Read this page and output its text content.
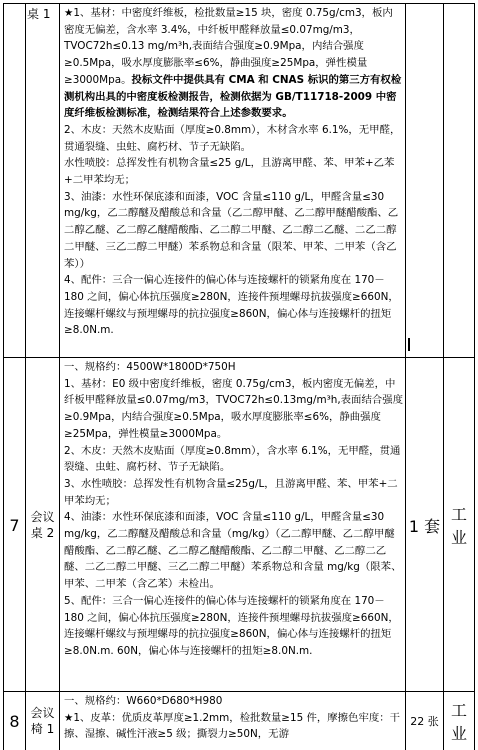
桌 1	★1、基材：中密度纤维板，检批数量≥15 块，密度 0.75g/cm3，板内密度无偏差，含水率 3.4%，中纤板甲醛释放量≤0.07mg/m3，TVOC72h≤0.13 mg/m³h,表面结合强度≥0.9Mpa，内结合强度≥0.5Mpa，吸水厚度膨胀率≤6%，静曲强度≥25Mpa，弹性模量≥3000Mpa。投标文件中提供具有 CMA 和 CNAS 标识的第三方有权检测机构出具的中密度板检测报告，检测依据为 GB/T11718-2009 中密度纤维板检测标准，检测结果符合上述参数要求。

2、木皮：天然木皮贴面（厚度≥0.8mm），木材含水率 6.1%，无甲醛，贯通裂缝、虫蛀、腐朽材、节子无缺陷。

水性喷胶：总挥发性有机物含量≤25 g/L，且游离甲醛、苯、甲苯+乙苯+二甲苯均无；

3、油漆：水性环保底漆和面漆，VOC 含量≤110 g/L，甲醛含量≤30 mg/kg，乙二醇醚及醋酸总和含量（乙二醇甲醚、乙二醇甲醚醋酸酯、乙二醇乙醚、乙二醇乙醚醋酸酯、乙二醇二甲醚、乙二醇二乙醚、二乙二醇二甲醚、三乙二醇二甲醚）苯系物总和含量（限苯、甲苯、二甲苯（含乙苯））

4、配件：三合一偏心连接件的偏心体与连接螺杆的锁紧角度在 170－180 之间，偏心体抗压强度≥280N，连接件预埋螺母抗拔强度≥660N，连接螺杆螺纹与预埋螺母的抗拉强度≥860N，偏心体与连接螺杆的扭矩≥8.0N.m.

7 会议桌 2

一、规格约：4500W*1800D*750H

1、基材：E0 级中密度纤维板，密度 0.75g/cm3，板内密度无偏差，中纤板甲醛释放量≤0.07mg/m3，TVOC72h≤0.13mg/m³h,表面结合强度≥0.9Mpa，内结合强度≥0.5Mpa，吸水厚度膨胀率≤6%，静曲强度≥25Mpa，弹性模量≥3000Mpa。

2、木皮：天然木皮贴面（厚度≥0.8mm），含水率 6.1%，无甲醛，贯通裂缝、虫蛀、腐朽材、节子无缺陷。

3、水性喷胶：总挥发性有机物含量≤25g/L，且游离甲醛、苯、甲苯+二甲苯均无；

4、油漆：水性环保底漆和面漆，VOC 含量≤110 g/L，甲醛含量≤30 mg/kg，乙二醇醚及醋酸总和含量（mg/kg）（乙二醇甲醚、乙二醇甲醚醋酸酯、乙二醇乙醚、乙二醇乙醚醋酸酯、乙二醇二甲醚、乙二醇二乙醚、二乙二醇二甲醚、三乙二醇二甲醚）苯系物总和含量 mg/kg（限苯、甲苯、二甲苯（含乙苯）未检出。

5、配件：三合一偏心连接件的偏心体与连接螺杆的锁紧角度在 170－180 之间，偏心体抗压强度≥280N，连接件预埋螺母抗拔强度≥660N，连接螺杆螺纹与预埋螺母的抗拉强度≥860N，偏心体与连接螺杆的扭矩≥8.0N.m. 60N，偏心体与连接螺杆的扭矩≥8.0N.m.

1 套
工业
8 会议椅 1

一、规格约：W660*D680*H980

★1、皮革：优质皮革厚度≥1.2mm，检批数量≥15 件，摩擦色牢度：干擦、湿擦、碱性汗液≥5 级；撕裂力≥50N，无游

22 张
工业
